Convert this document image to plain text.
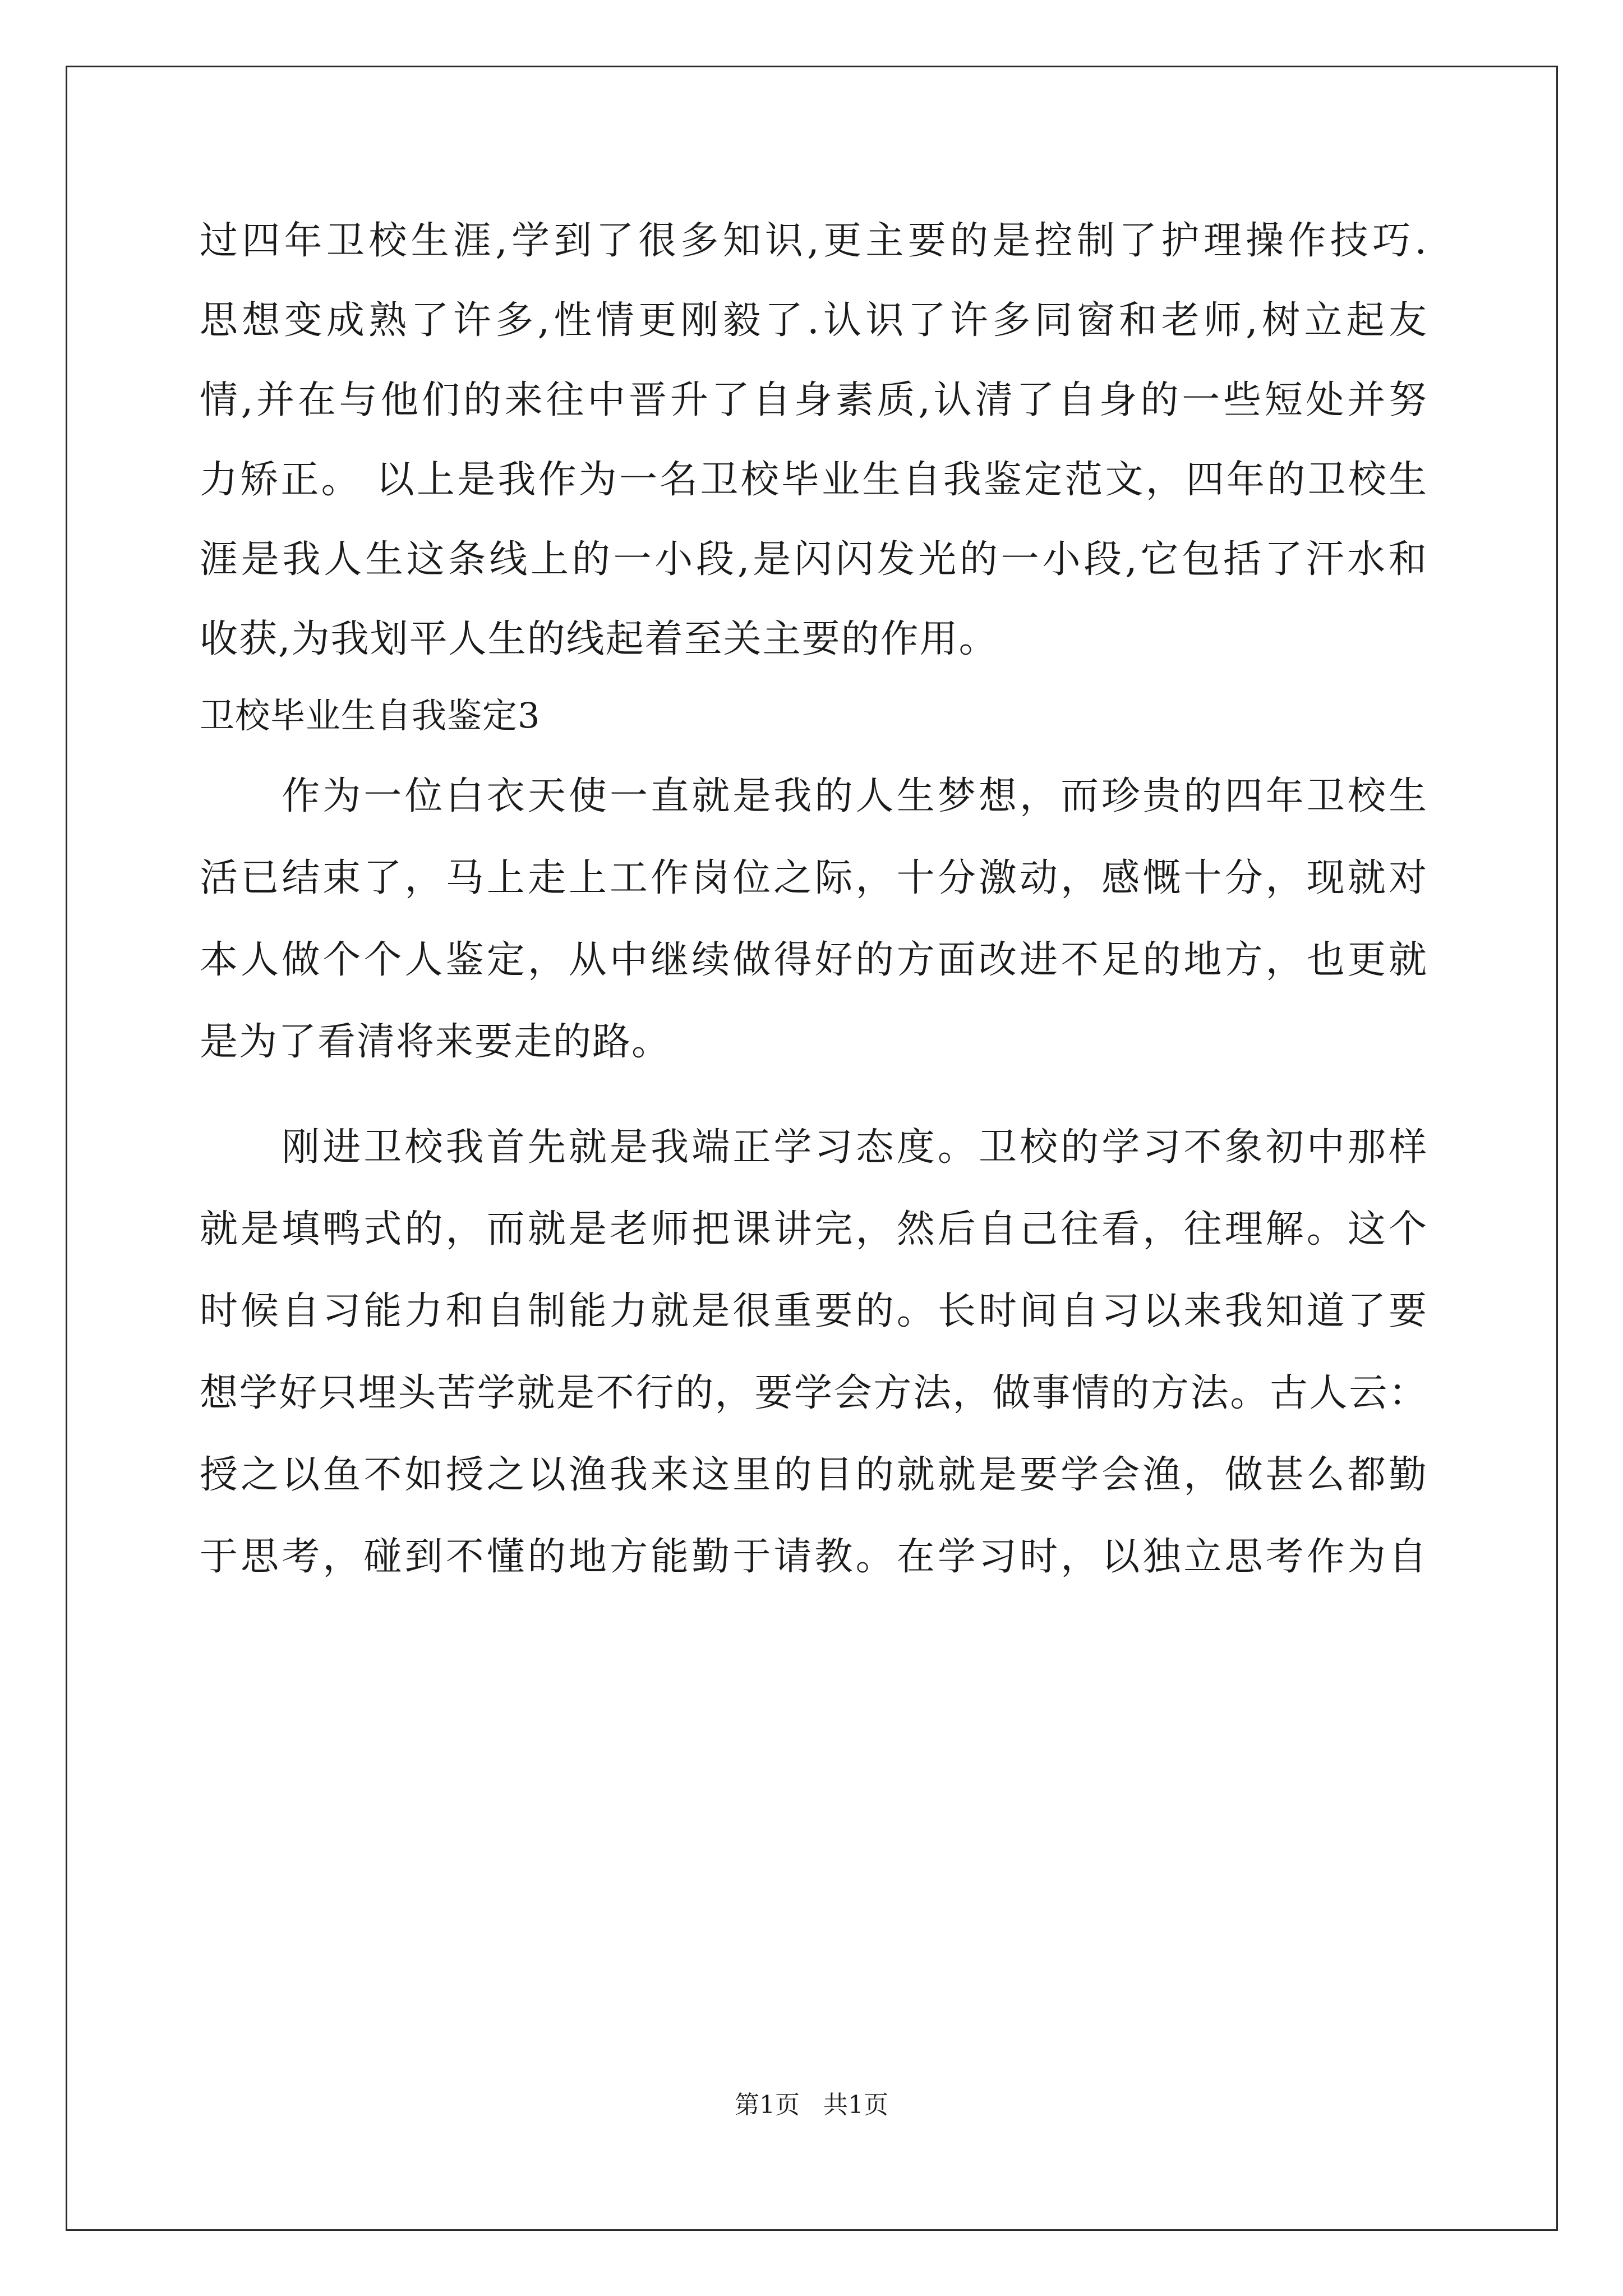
过四年卫校生涯,学到了很多知识,更主要的是控制了护理操作技巧.
思想变成熟了许多,性情更刚毅了.认识了许多同窗和老师,树立起友
情,并在与他们的来往中晋升了自身素质,认清了自身的一些短处并努
力矫正。 以上是我作为一名卫校毕业生自我鉴定范文，四年的卫校生
涯是我人生这条线上的一小段,是闪闪发光的一小段,它包括了汗水和
收获,为我划平人生的线起着至关主要的作用。
卫校毕业生自我鉴定3
　　作为一位白衣天使一直就是我的人生梦想，而珍贵的四年卫校生
活已结束了，马上走上工作岗位之际，十分激动，感慨十分，现就对
本人做个个人鉴定，从中继续做得好的方面改进不足的地方，也更就
是为了看清将来要走的路。
　　刚进卫校我首先就是我端正学习态度。卫校的学习不象初中那样
就是填鸭式的，而就是老师把课讲完，然后自己往看，往理解。这个
时候自习能力和自制能力就是很重要的。长时间自习以来我知道了要
想学好只埋头苦学就是不行的，要学会方法，做事情的方法。古人云：
授之以鱼不如授之以渔我来这里的目的就就是要学会渔，做甚么都勤
于思考，碰到不懂的地方能勤于请教。在学习时，以独立思考作为自
第1页 共1页
